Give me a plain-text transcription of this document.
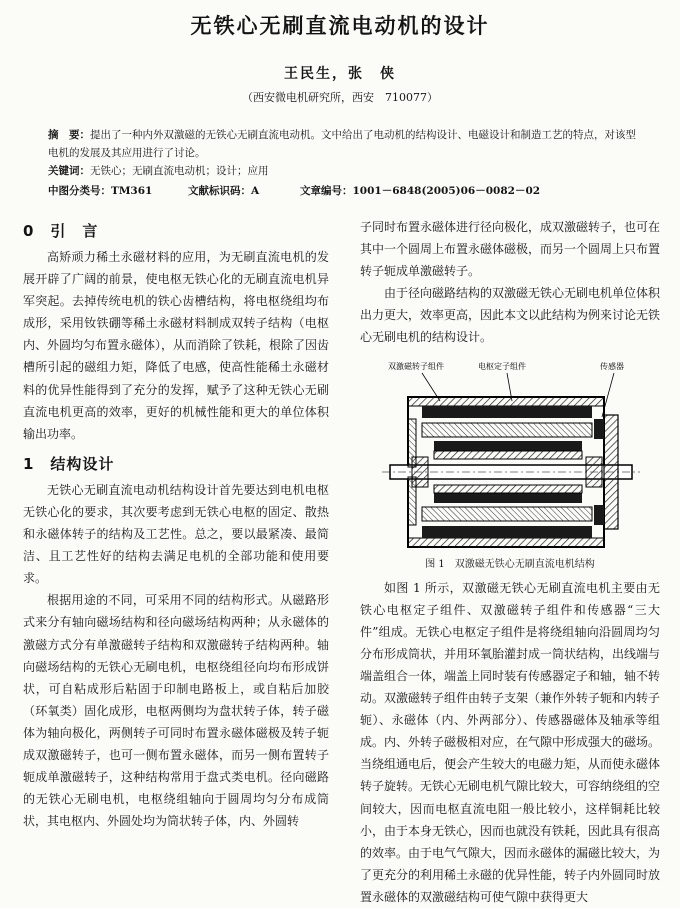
无铁心无刷直流电动机的设计
王民生，张　侠
（西安微电机研究所，西安　710077）
摘　要：提出了一种内外双激磁的无铁心无刷直流电动机。文中给出了电动机的结构设计、电磁设计和制造工艺的特点，对该型电机的发展及其应用进行了讨论。
关键词：无铁心；无刷直流电动机；设计；应用
中图分类号：TM361	文献标识码：A	文章编号：1001－6848(2005)06－0082－02
0　引　言

高矫顽力稀土永磁材料的应用，为无刷直流电机的发展开辟了广阔的前景，使电枢无铁心化的无刷直流电机异军突起。去掉传统电机的铁心齿槽结构，将电枢绕组均布成形，采用钕铁硼等稀土永磁材料制成双转子结构（电枢内、外圆均匀布置永磁体），从而消除了铁耗，根除了因齿槽所引起的磁组力矩，降低了电感，使高性能稀土永磁材料的优异性能得到了充分的发挥，赋予了这种无铁心无刷直流电机更高的效率，更好的机械性能和更大的单位体积输出功率。

1　结构设计

无铁心无刷直流电动机结构设计首先要达到电机电枢无铁心化的要求，其次要考虑到无铁心电枢的固定、散热和永磁体转子的结构及工艺性。总之，要以最紧凑、最简洁、且工艺性好的结构去满足电机的全部功能和使用要求。

根据用途的不同，可采用不同的结构形式。从磁路形式来分有轴向磁场结构和径向磁场结构两种；从永磁体的激磁方式分有单激磁转子结构和双激磁转子结构两种。轴向磁场结构的无铁心无刷电机，电枢绕组径向均布形成饼状，可自粘成形后粘固于印制电路板上，或自粘后加胶（环氧类）固化成形，电枢两侧均为盘状转子体，转子磁体为轴向极化，两侧转子可同时布置永磁体磁极及转子轭成双激磁转子，也可一侧布置永磁体，而另一侧布置转子轭成单激磁转子，这种结构常用于盘式类电机。径向磁路的无铁心无刷电机，电枢绕组轴向于圆周均匀分布成筒状，其电枢内、外圆处均为筒状转子体，内、外圆转

子同时布置永磁体进行径向极化，成双激磁转子，也可在其中一个圆周上布置永磁体磁极，而另一个圆周上只布置转子轭成单激磁转子。

由于径向磁路结构的双激磁无铁心无刷电机单位体积出力更大，效率更高，因此本文以此结构为例来讨论无铁心无刷电机的结构设计。

双激磁转子组件	电枢定子组件	传感器
图 1　双激磁无铁心无刷直流电机结构

如图 1 所示，双激磁无铁心无刷直流电机主要由无铁心电枢定子组件、双激磁转子组件和传感器“三大件”组成。无铁心电枢定子组件是将绕组轴向沿圆周均匀分布形成筒状，并用环氧胎灌封成一筒状结构，出线端与端盖组合一体，端盖上同时装有传感器定子和轴，轴不转动。双激磁转子组件由转子支架（兼作外转子轭和内转子轭）、永磁体（内、外两部分）、传感器磁体及轴承等组成。内、外转子磁极相对应，在气隙中形成强大的磁场。当绕组通电后，便会产生较大的电磁力矩，从而使永磁体转子旋转。无铁心无刷电机气隙比较大，可容纳绕组的空间较大，因而电枢直流电阻一般比较小，这样铜耗比较小，由于本身无铁心，因而也就没有铁耗，因此具有很高的效率。由于电气气隙大，因而永磁体的漏磁比较大，为了更充分的利用稀土永磁的优异性能，转子内外圆同时放置永磁体的双激磁结构可使气隙中获得更大
